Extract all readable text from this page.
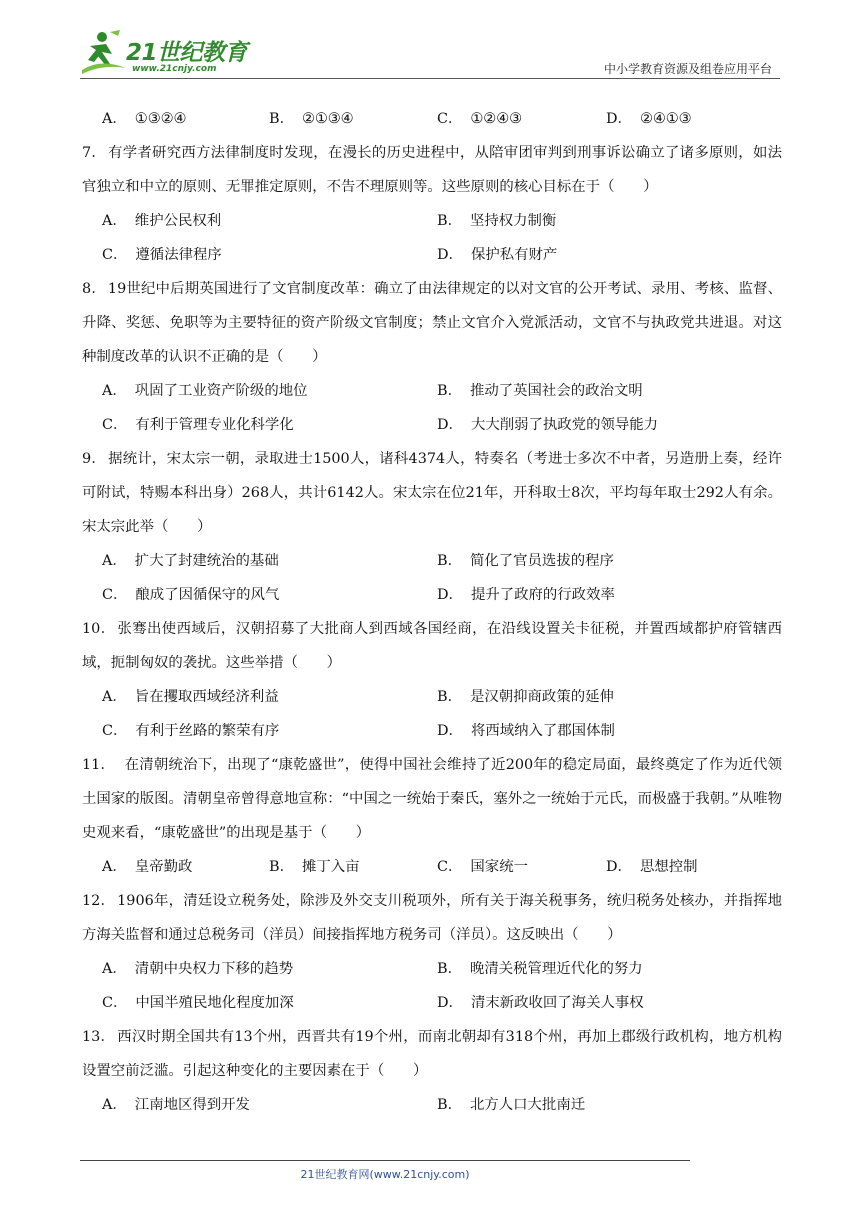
21世纪教育
www.21cnjy.com	中小学教育资源及组卷应用平台
A． ①③②④	B． ②①③④	C． ①②④③	D． ②④①③

7． 有学者研究西方法律制度时发现，在漫长的历史进程中，从陪审团审判到刑事诉讼确立了诸多原则，如法官独立和中立的原则、无罪推定原则，不告不理原则等。这些原则的核心目标在于（　　）

A． 维护公民权利	B． 坚持权力制衡
C． 遵循法律程序	D． 保护私有财产

8． 19世纪中后期英国进行了文官制度改革：确立了由法律规定的以对文官的公开考试、录用、考核、监督、升降、奖惩、免职等为主要特征的资产阶级文官制度；禁止文官介入党派活动，文官不与执政党共进退。对这种制度改革的认识不正确的是（　　）

A． 巩固了工业资产阶级的地位	B． 推动了英国社会的政治文明
C． 有利于管理专业化科学化	D． 大大削弱了执政党的领导能力

9． 据统计，宋太宗一朝，录取进士1500人，诸科4374人，特奏名（考进士多次不中者，另造册上奏，经许可附试，特赐本科出身）268人，共计6142人。宋太宗在位21年，开科取士8次，平均每年取士292人有余。宋太宗此举（　　）

A． 扩大了封建统治的基础	B． 简化了官员选拔的程序
C． 酿成了因循保守的风气	D． 提升了政府的行政效率

10． 张骞出使西域后，汉朝招募了大批商人到西域各国经商，在沿线设置关卡征税，并置西域都护府管辖西域，扼制匈奴的袭扰。这些举措（　　）

A． 旨在攫取西域经济利益	B． 是汉朝抑商政策的延伸
C． 有利于丝路的繁荣有序	D． 将西域纳入了郡国体制

11．　在清朝统治下，出现了“康乾盛世”，使得中国社会维持了近200年的稳定局面，最终奠定了作为近代领土国家的版图。清朝皇帝曾得意地宣称：“中国之一统始于秦氏，塞外之一统始于元氏，而极盛于我朝。”从唯物史观来看，“康乾盛世”的出现是基于（　　）

A． 皇帝勤政	B． 摊丁入亩	C． 国家统一	D． 思想控制

12． 1906年，清廷设立税务处，除涉及外交支川税项外，所有关于海关税事务，统归税务处核办，并指挥地方海关监督和通过总税务司（洋员）间接指挥地方税务司（洋员）。这反映出（　　）

A． 清朝中央权力下移的趋势	B． 晚清关税管理近代化的努力
C． 中国半殖民地化程度加深	D． 清末新政收回了海关人事权

13． 西汉时期全国共有13个州，西晋共有19个州，而南北朝却有318个州，再加上郡级行政机构，地方机构设置空前泛滥。引起这种变化的主要因素在于（　　）

A． 江南地区得到开发	B． 北方人口大批南迁
21世纪教育网(www.21cnjy.com)
